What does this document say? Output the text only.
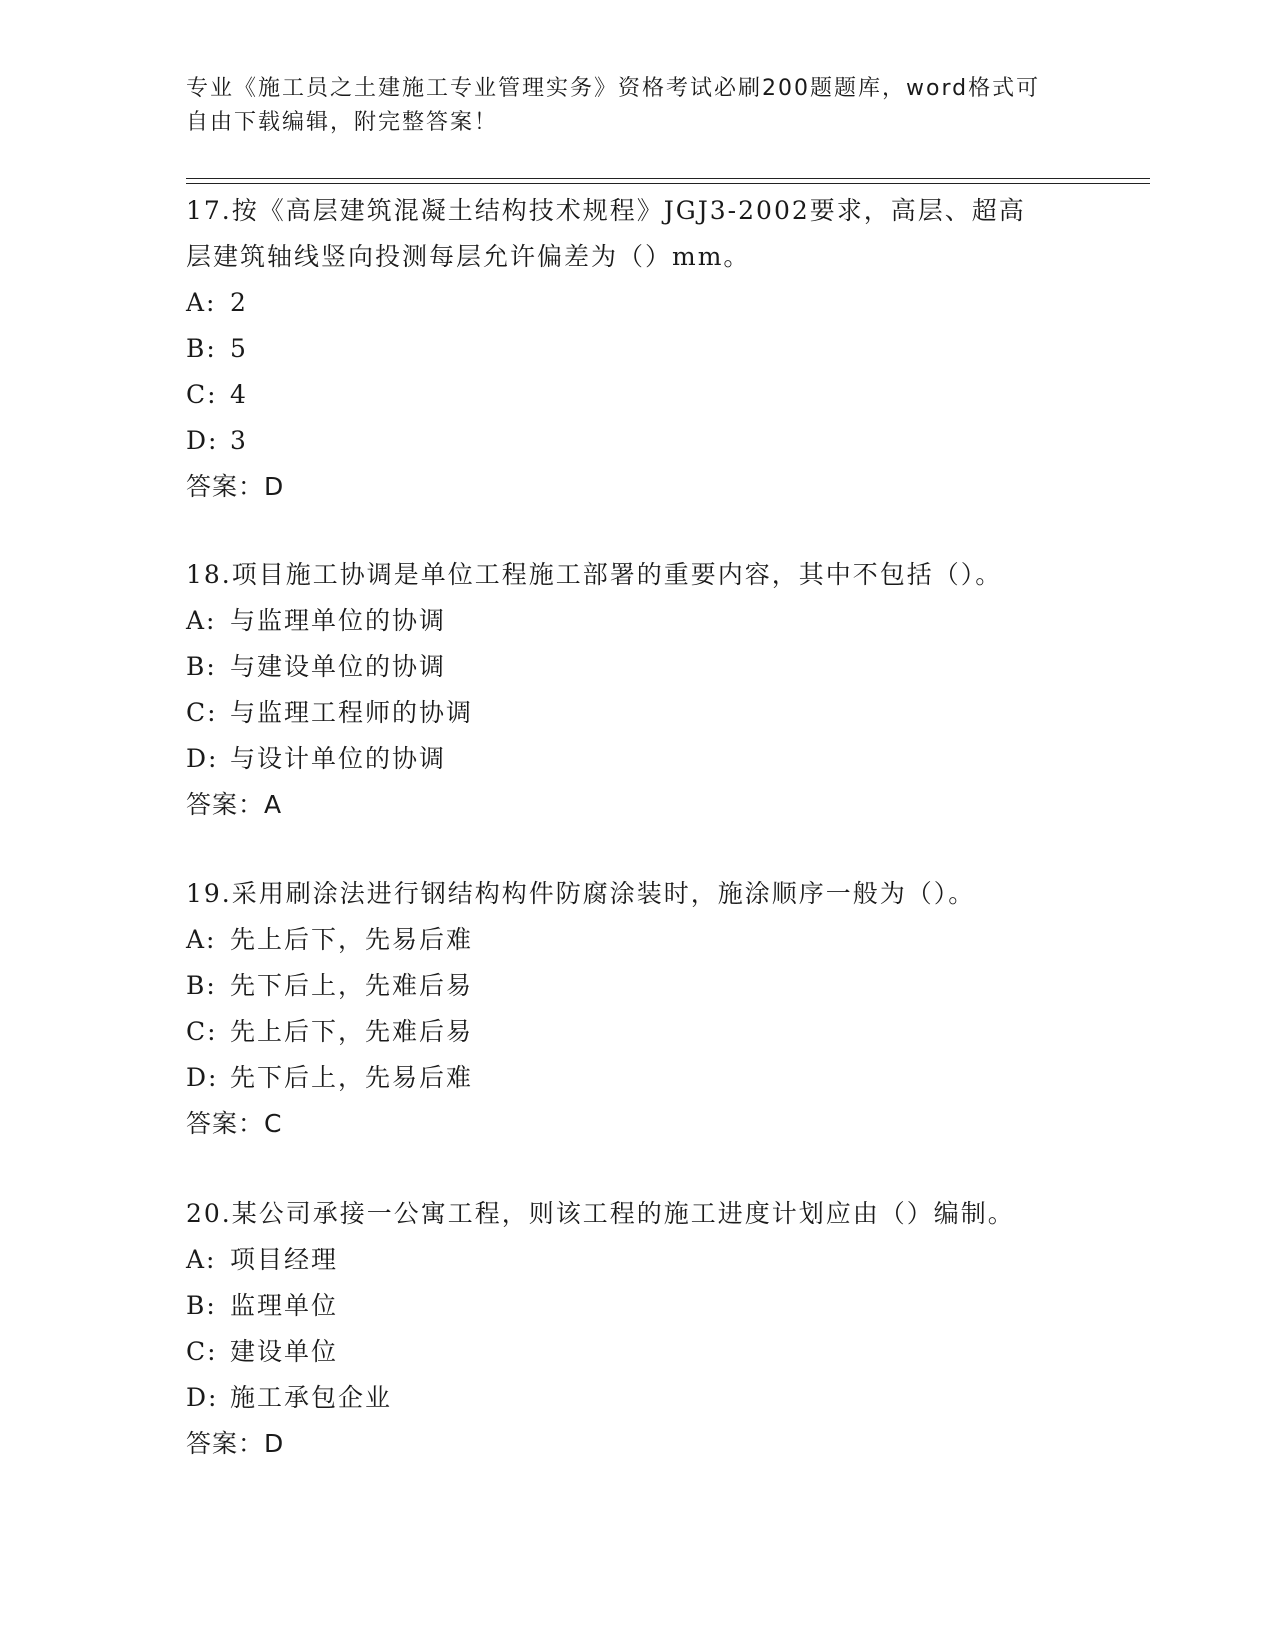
专业《施工员之土建施工专业管理实务》资格考试必刷200题题库，word格式可
自由下载编辑，附完整答案！
17.按《高层建筑混凝土结构技术规程》JGJ3-2002要求，高层、超高
层建筑轴线竖向投测每层允许偏差为（）mm。
A: 2
B: 5
C: 4
D: 3
答案：D
18.项目施工协调是单位工程施工部署的重要内容，其中不包括（）。
A: 与监理单位的协调
B: 与建设单位的协调
C: 与监理工程师的协调
D: 与设计单位的协调
答案：A
19.采用刷涂法进行钢结构构件防腐涂装时，施涂顺序一般为（）。
A: 先上后下，先易后难
B: 先下后上，先难后易
C: 先上后下，先难后易
D: 先下后上，先易后难
答案：C
20.某公司承接一公寓工程，则该工程的施工进度计划应由（）编制。
A: 项目经理
B: 监理单位
C: 建设单位
D: 施工承包企业
答案：D
